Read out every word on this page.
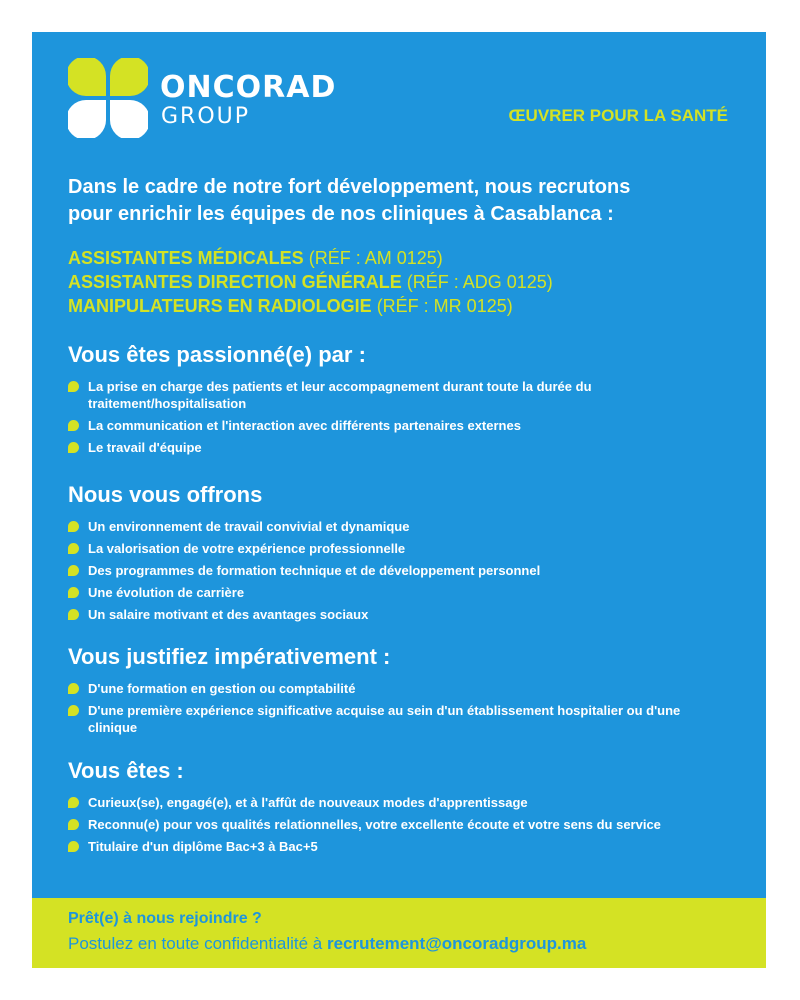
ONCORAD
GROUP	ŒUVRER POUR LA SANTÉ
Dans le cadre de notre fort développement, nous recrutons
pour enrichir les équipes de nos cliniques à Casablanca :
ASSISTANTES MÉDICALES (RÉF : AM 0125)
ASSISTANTES DIRECTION GÉNÉRALE (RÉF : ADG 0125)
MANIPULATEURS EN RADIOLOGIE (RÉF : MR 0125)
Vous êtes passionné(e) par :
La prise en charge des patients et leur accompagnement durant toute la durée du traitement/hospitalisation
La communication et l'interaction avec différents partenaires externes
Le travail d'équipe
Nous vous offrons
Un environnement de travail convivial et dynamique
La valorisation de votre expérience professionnelle
Des programmes de formation technique et de développement personnel
Une évolution de carrière
Un salaire motivant et des avantages sociaux
Vous justifiez impérativement :
D'une formation en gestion ou comptabilité
D'une première expérience significative acquise au sein d'un établissement hospitalier ou d'une clinique
Vous êtes :
Curieux(se), engagé(e), et à l'affût de nouveaux modes d'apprentissage
Reconnu(e) pour vos qualités relationnelles, votre excellente écoute et votre sens du service
Titulaire d'un diplôme Bac+3 à Bac+5
Prêt(e) à nous rejoindre ?
Postulez en toute confidentialité à recrutement@oncoradgroup.ma
